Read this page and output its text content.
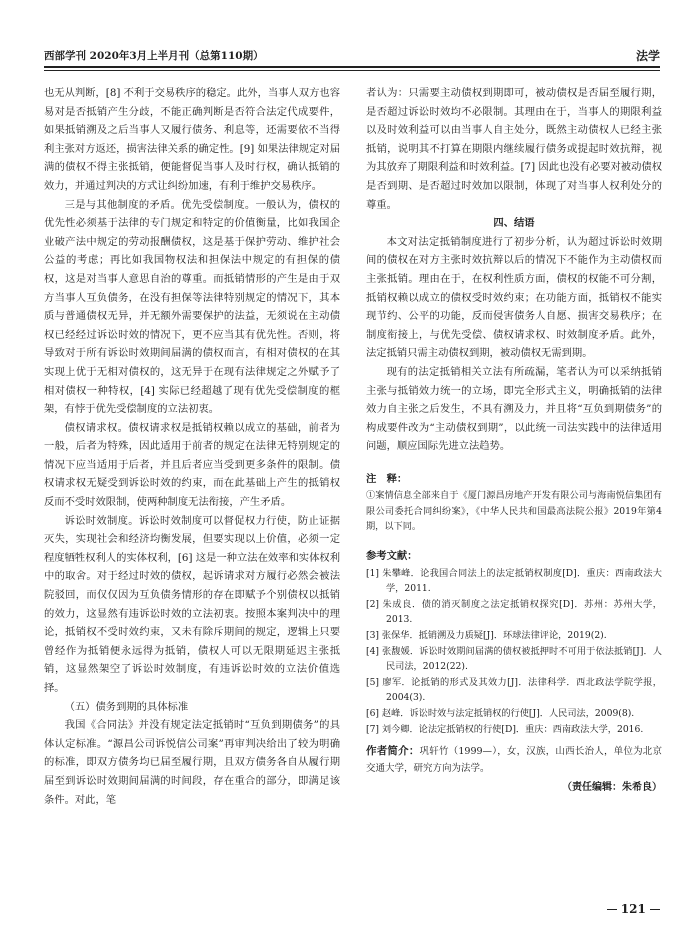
西部学刊 2020年3月上半月刊（总第110期）	法学

也无从判断，[8] 不利于交易秩序的稳定。此外，当事人双方也容易对是否抵销产生分歧，不能正确判断是否符合法定代成要件，如果抵销溯及之后当事人又履行债务、利息等，还需要依不当得利主张对方返还，损害法律关系的确定性。[9] 如果法律规定对届满的债权不得主张抵销，便能督促当事人及时行权，确认抵销的效力，并通过判决的方式让纠纷加速，有利于维护交易秩序。

三是与其他制度的矛盾。优先受偿制度。一般认为，债权的优先性必须基于法律的专门规定和特定的价值衡量，比如我国企业破产法中规定的劳动报酬债权，这是基于保护劳动、维护社会公益的考虑；再比如我国物权法和担保法中规定的有担保的债权，这是对当事人意思自治的尊重。而抵销情形的产生是由于双方当事人互负债务，在没有担保等法律特别规定的情况下，其本质与普通债权无异，并无额外需要保护的法益，无须说在主动债权已经经过诉讼时效的情况下，更不应当其有优先性。否则，将导致对于所有诉讼时效期间届满的债权而言，有相对债权的在其实现上优于无相对债权的，这无异于在现有法律规定之外赋予了相对债权一种特权，[4] 实际已经超越了现有优先受偿制度的框架，有悖于优先受偿制度的立法初衷。

债权请求权。债权请求权是抵销权赖以成立的基础，前者为一般，后者为特殊，因此适用于前者的规定在法律无特别规定的情况下应当适用于后者，并且后者应当受到更多条件的限制。债权请求权无疑受到诉讼时效的约束，而在此基础上产生的抵销权反而不受时效限制，使两种制度无法衔接，产生矛盾。

诉讼时效制度。诉讼时效制度可以督促权力行使，防止证据灭失，实现社会和经济均衡发展，但要实现以上价值，必须一定程度牺牲权利人的实体权利，[6] 这是一种立法在效率和实体权利中的取舍。对于经过时效的债权，起诉请求对方履行必然会被法院驳回，而仅仅因为互负债务情形的存在即赋予个别债权以抵销的效力，这显然有违诉讼时效的立法初衷。按照本案判决中的理论，抵销权不受时效约束，又未有除斥期间的规定，逻辑上只要曾经作为抵销便永远得为抵销，债权人可以无限期延迟主张抵销，这显然架空了诉讼时效制度，有违诉讼时效的立法价值选择。

（五）债务到期的具体标准

我国《合同法》并没有规定法定抵销时“互负到期债务”的具体认定标准。“源昌公司诉悦信公司案”再审判决给出了较为明确的标准，即双方债务均已届至履行期，且双方债务各自从履行期届至到诉讼时效期间届满的时间段，存在重合的部分，即满足该条件。对此，笔

者认为：只需要主动债权到期即可，被动债权是否届至履行期，是否超过诉讼时效均不必限制。其理由在于，当事人的期限利益以及时效利益可以由当事人自主处分，既然主动债权人已经主张抵销，说明其不打算在期限内继续履行债务或提起时效抗辩，视为其放弃了期限利益和时效利益。[7] 因此也没有必要对被动债权是否到期、是否超过时效加以限制，体现了对当事人权利处分的尊重。

四、结语

本文对法定抵销制度进行了初步分析，认为超过诉讼时效期间的债权在对方主张时效抗辩以后的情况下不能作为主动债权而主张抵销。理由在于，在权利性质方面，债权的权能不可分割，抵销权赖以成立的债权受时效约束；在功能方面，抵销权不能实现节约、公平的功能，反而侵害债务人自愿、损害交易秩序；在制度衔接上，与优先受偿、债权请求权、时效制度矛盾。此外，法定抵销只需主动债权到期，被动债权无需到期。

现有的法定抵销相关立法有所疏漏，笔者认为可以采纳抵销主张与抵销效力统一的立场，即完全形式主义，明确抵销的法律效力自主张之后发生，不具有溯及力，并且将“互负到期债务”的构成要件改为“主动债权到期”，以此统一司法实践中的法律适用问题，顺应国际先进立法趋势。

注　释：

①案情信息全部来自于《厦门源昌房地产开发有限公司与海南悦信集团有限公司委托合同纠纷案》，《中华人民共和国最高法院公报》2019年第4期，以下同。

参考文献：

[1] 朱攀峰．论我国合同法上的法定抵销权制度[D]．重庆：西南政法大学，2011.
[2] 朱成良．债的消灭制度之法定抵销权探究[D]．苏州：苏州大学，2013.
[3] 张保华．抵销溯及力质疑[J]．环球法律评论，2019(2).
[4] 张馥媛．诉讼时效期间届满的债权被抵押时不可用于依法抵销[J]．人民司法，2012(22).
[5] 廖军．论抵销的形式及其效力[J]．法律科学．西北政法学院学报，2004(3).
[6] 赵峰．诉讼时效与法定抵销权的行使[J]．人民司法，2009(8).
[7] 刘今卿．论法定抵销权的行使[D]．重庆：西南政法大学，2016.

作者简介：巩轩竹（1999—），女，汉族，山西长治人，单位为北京交通大学，研究方向为法学。

（责任编辑：朱希良）
121
